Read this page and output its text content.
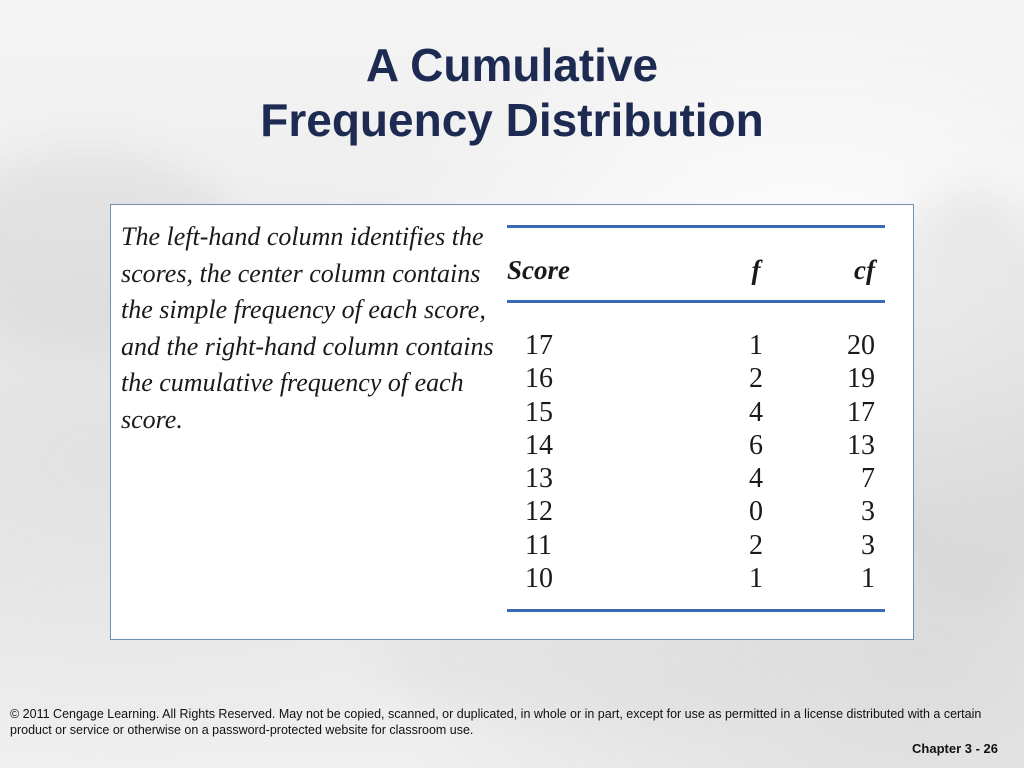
A Cumulative
Frequency Distribution
The left-hand column identifies the scores, the center column contains the simple frequency of each score, and the right-hand column contains the cumulative frequency of each score.
Score	f	cf
17	1	20
16	2	19
15	4	17
14	6	13
13	4	7
12	0	3
11	2	3
10	1	1
© 2011 Cengage Learning. All Rights Reserved. May not be copied, scanned, or duplicated, in whole or in part, except for use as permitted in a license distributed with a certain product or service or otherwise on a password-protected website for classroom use.
Chapter 3 - 26
